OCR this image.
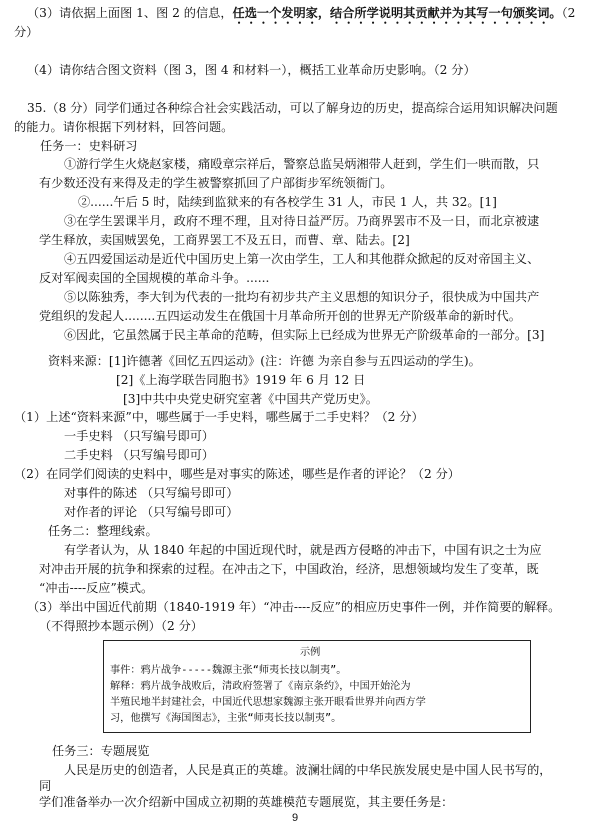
（3）请依据上面图 1、图 2 的信息，任选一个发明家，结合所学说明其贡献并为其写一句颁奖词。（2
分）
（4）请你结合图文资料（图 3，图 4 和材料一），概括工业革命历史影响。（2 分）
35.（8 分）同学们通过各种综合社会实践活动，可以了解身边的历史，提高综合运用知识解决问题
的能力。请你根据下列材料，回答问题。
任务一：史料研习
①游行学生火烧赵家楼，痛殴章宗祥后，警察总监吴炳湘带人赶到，学生们一哄而散，只
有少数还没有来得及走的学生被警察抓回了户部街步军统领衙门。
②......午后 5 时，陆续到监狱来的有各校学生 31 人，市民 1 人，共 32。[1]
③在学生罢课半月，政府不理不理，且对待日益严厉。乃商界罢市不及一日，而北京被逮
学生释放，卖国贼罢免，工商界罢工不及五日，而曹、章、陆去。[2]
④五四爱国运动是近代中国历史上第一次由学生，工人和其他群众掀起的反对帝国主义、
反对军阀卖国的全国规模的革命斗争。......
⑤以陈独秀，李大钊为代表的一批均有初步共产主义思想的知识分子，很快成为中国共产
党组织的发起人........五四运动发生在俄国十月革命所开创的世界无产阶级革命的新时代。
⑥因此，它虽然属于民主革命的范畴，但实际上已经成为世界无产阶级革命的一部分。[3]
资料来源：[1]许德著《回忆五四运动》(注：许德 为亲自参与五四运动的学生)。
[2]《上海学联告同胞书》1919 年 6 月 12 日
[3]中共中央党史研究室著《中国共产党历史》。
（1）上述“资料来源”中，哪些属于一手史料，哪些属于二手史料？（2 分）
一手史料 （只写编号即可）
二手史料 （只写编号即可）
（2）在同学们阅读的史料中，哪些是对事实的陈述，哪些是作者的评论？（2 分）
对事件的陈述 （只写编号即可）
对作者的评论 （只写编号即可）
任务二：整理线索。
有学者认为，从 1840 年起的中国近现代时，就是西方侵略的冲击下，中国有识之士为应
对冲击开展的抗争和探索的过程。在冲击之下，中国政治，经济，思想领域均发生了变革，既
“冲击----反应”模式。
（3）举出中国近代前期（1840-1919 年）“冲击----反应”的相应历史事件一例，并作简要的解释。
（不得照抄本题示例）（2 分）
示例
事件：鸦片战争-----魏源主张“师夷长技以制夷”。
解释：鸦片战争战败后，清政府签署了《南京条约》，中国开始沦为
半殖民地半封建社会，中国近代思想家魏源主张开眼看世界并向西方学
习，他撰写《海国图志》，主张“师夷长技以制夷”。
任务三：专题展览
人民是历史的创造者，人民是真正的英雄。波澜壮阔的中华民族发展史是中国人民书写的，
同
学们准备举办一次介绍新中国成立初期的英雄模范专题展览，其主要任务是：
9
